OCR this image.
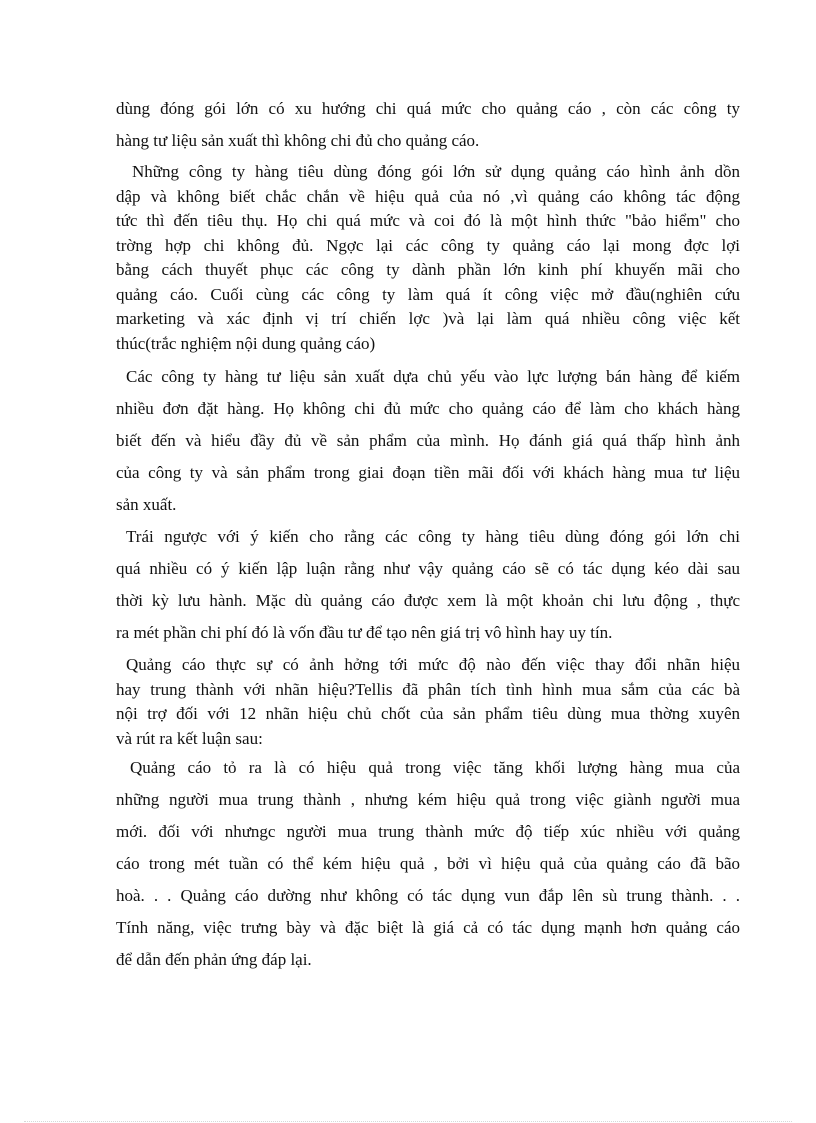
dùng đóng gói lớn có xu hướng chi quá mức cho quảng cáo , còn các công ty
hàng tư liệu sản xuất thì không chi đủ cho quảng cáo.
Những công ty hàng tiêu dùng đóng gói lớn sử dụng quảng cáo hình ảnh dồn
dập và không biết chắc chắn về hiệu quả của nó ,vì quảng cáo không tác động
tức thì đến tiêu thụ. Họ chi quá mức và coi đó là một hình thức "bảo hiểm" cho
trờng hợp chi không đủ. Ngợc lại các công ty quảng cáo lại mong đợc lợi
bằng cách thuyết phục các công ty dành phần lớn kinh phí khuyến mãi cho
quảng cáo. Cuối cùng các công ty làm quá ít công việc mở đầu(nghiên cứu
marketing và xác định vị trí chiến lợc )và lại làm quá nhiều công việc kết
thúc(trắc nghiệm nội dung quảng cáo)
Các công ty hàng tư liệu sản xuất dựa chủ yếu vào lực lượng bán hàng để kiếm
nhiều đơn đặt hàng. Họ không chi đủ mức cho quảng cáo để làm cho khách hàng
biết đến và hiểu đầy đủ về sản phẩm của mình. Họ đánh giá quá thấp hình ảnh
của công ty và sản phẩm trong giai đoạn tiền mãi đối với khách hàng mua tư liệu
sản xuất.
Trái ngược với ý kiến cho rằng các công ty hàng tiêu dùng đóng gói lớn chi
quá nhiều có ý kiến lập luận rằng như vậy quảng cáo sẽ có tác dụng kéo dài sau
thời kỳ lưu hành. Mặc dù quảng cáo được xem là một khoản chi lưu động , thực
ra mét phần chi phí đó là vốn đầu tư để tạo nên giá trị vô hình hay uy tín.
Quảng cáo thực sự có ảnh hởng tới mức độ nào đến việc thay đổi nhãn hiệu
hay trung thành với nhãn hiệu?Tellis đã phân tích tình hình mua sắm của các bà
nội trợ đối với 12 nhãn hiệu chủ chốt của sản phẩm tiêu dùng mua thờng xuyên
và rút ra kết luận sau:
Quảng cáo tỏ ra là có hiệu quả trong việc tăng khối lượng hàng mua của
những người mua trung thành , nhưng kém hiệu quả trong việc giành người mua
mới. đối với nhưngc người mua trung thành mức độ tiếp xúc nhiều với quảng
cáo trong mét tuần có thể kém hiệu quả , bởi vì hiệu quả của quảng cáo đã bão
hoà. . . Quảng cáo dường như không có tác dụng vun đắp lên sù trung thành. . .
Tính năng, việc trưng bày và đặc biệt là giá cả có tác dụng mạnh hơn quảng cáo
để dẫn đến phản ứng đáp lại.
